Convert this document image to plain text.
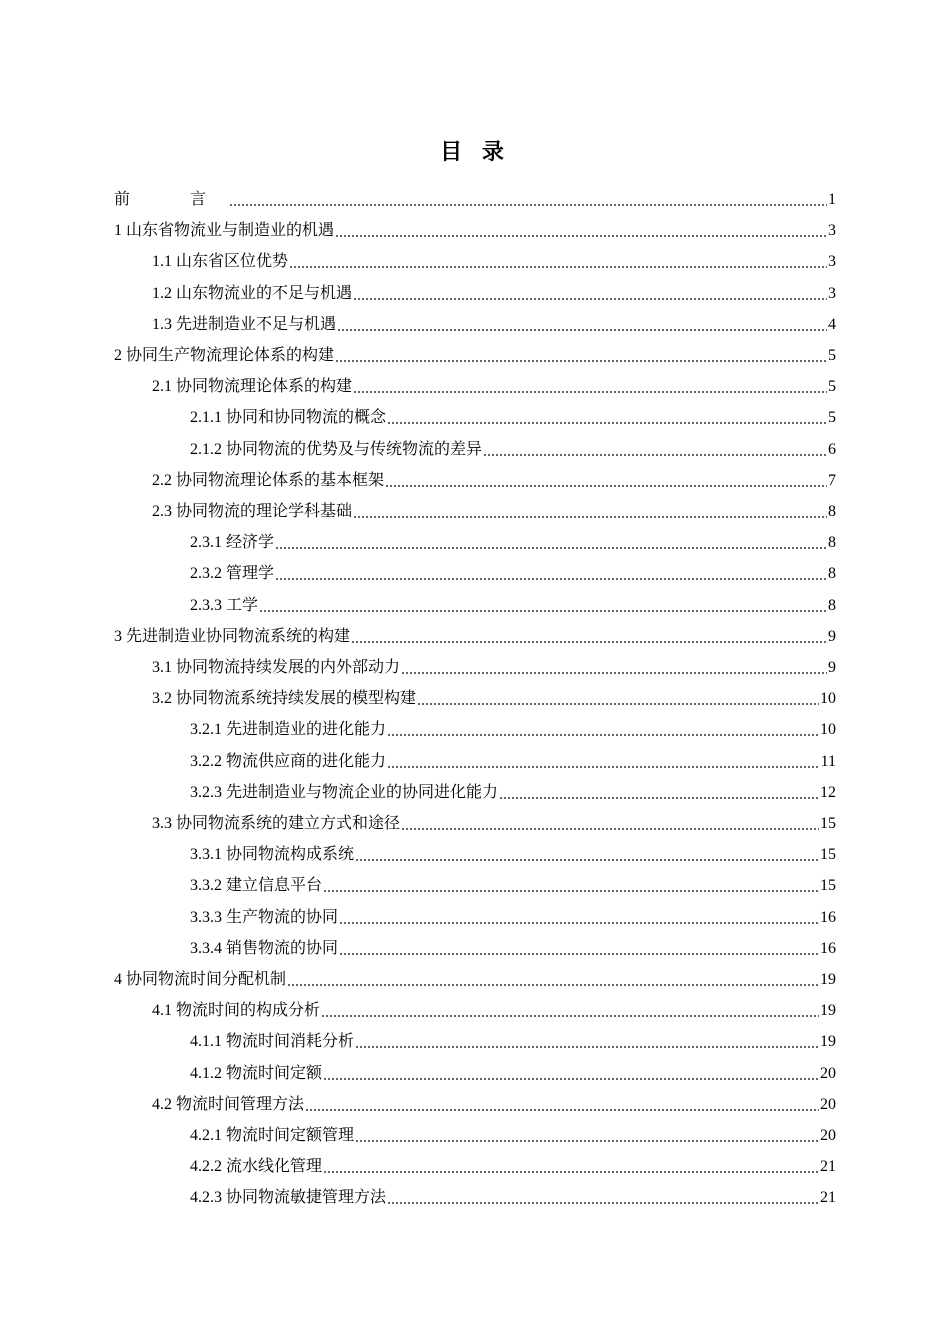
目 录
前　言	1
1 山东省物流业与制造业的机遇	3
1.1 山东省区位优势	3
1.2 山东物流业的不足与机遇	3
1.3 先进制造业不足与机遇	4
2 协同生产物流理论体系的构建	5
2.1 协同物流理论体系的构建	5
2.1.1 协同和协同物流的概念	5
2.1.2 协同物流的优势及与传统物流的差异	6
2.2 协同物流理论体系的基本框架	7
2.3 协同物流的理论学科基础	8
2.3.1 经济学	8
2.3.2 管理学	8
2.3.3 工学	8
3 先进制造业协同物流系统的构建	9
3.1 协同物流持续发展的内外部动力	9
3.2 协同物流系统持续发展的模型构建	10
3.2.1 先进制造业的进化能力	10
3.2.2 物流供应商的进化能力	11
3.2.3 先进制造业与物流企业的协同进化能力	12
3.3 协同物流系统的建立方式和途径	15
3.3.1 协同物流构成系统	15
3.3.2 建立信息平台	15
3.3.3 生产物流的协同	16
3.3.4 销售物流的协同	16
4 协同物流时间分配机制	19
4.1 物流时间的构成分析	19
4.1.1 物流时间消耗分析	19
4.1.2 物流时间定额	20
4.2 物流时间管理方法	20
4.2.1 物流时间定额管理	20
4.2.2 流水线化管理	21
4.2.3 协同物流敏捷管理方法	21
